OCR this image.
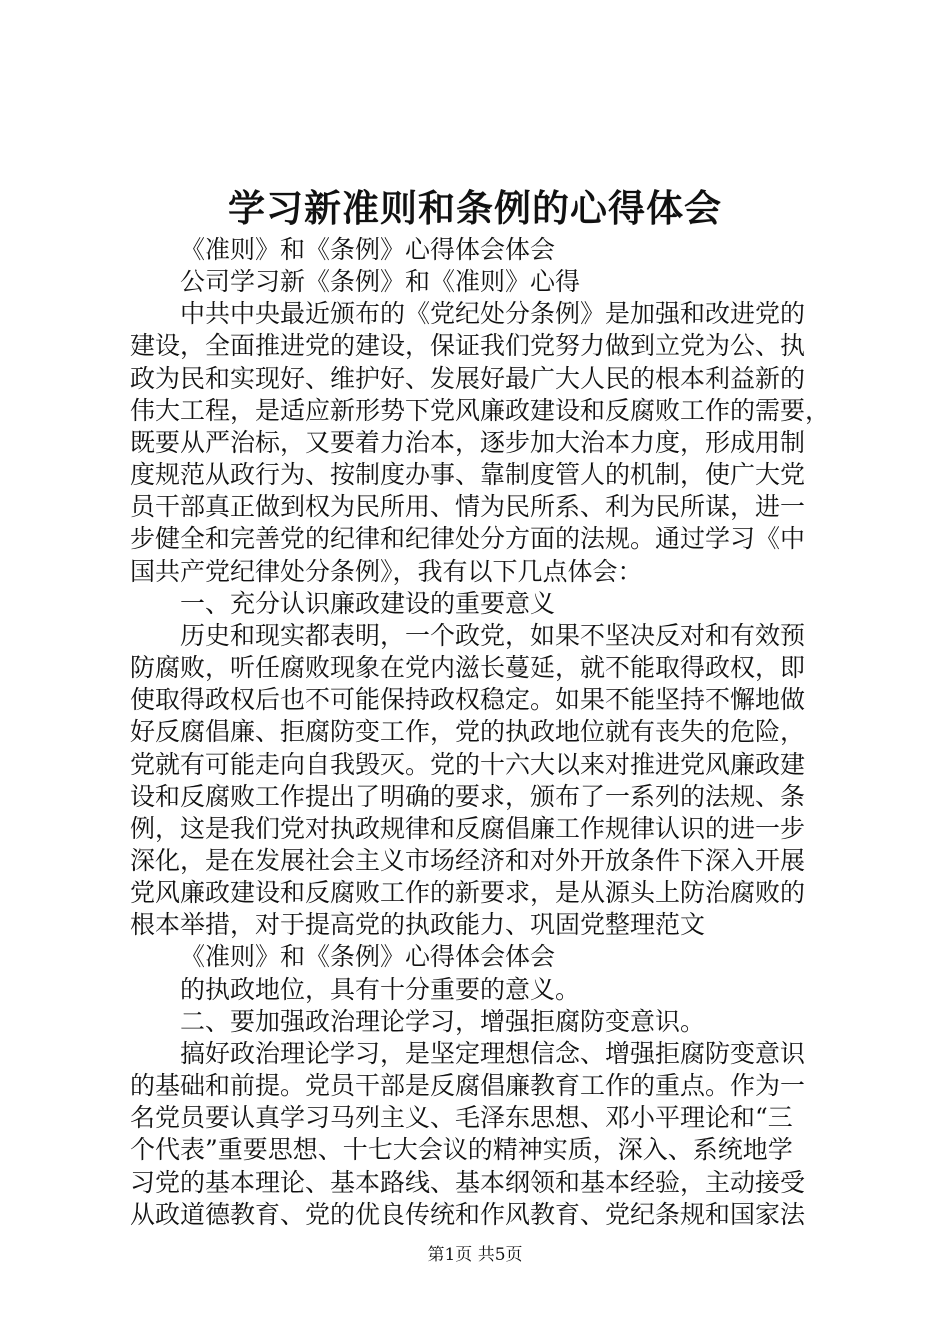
学习新准则和条例的心得体会
《准则》和《条例》心得体会体会
公司学习新《条例》和《准则》心得
中共中央最近颁布的《党纪处分条例》是加强和改进党的
建设，全面推进党的建设，保证我们党努力做到立党为公、执
政为民和实现好、维护好、发展好最广大人民的根本利益新的
伟大工程，是适应新形势下党风廉政建设和反腐败工作的需要，
既要从严治标，又要着力治本，逐步加大治本力度，形成用制
度规范从政行为、按制度办事、靠制度管人的机制，使广大党
员干部真正做到权为民所用、情为民所系、利为民所谋，进一
步健全和完善党的纪律和纪律处分方面的法规。通过学习《中
国共产党纪律处分条例》，我有以下几点体会：
一、充分认识廉政建设的重要意义
历史和现实都表明，一个政党，如果不坚决反对和有效预
防腐败，听任腐败现象在党内滋长蔓延，就不能取得政权，即
使取得政权后也不可能保持政权稳定。如果不能坚持不懈地做
好反腐倡廉、拒腐防变工作，党的执政地位就有丧失的危险，
党就有可能走向自我毁灭。党的十六大以来对推进党风廉政建
设和反腐败工作提出了明确的要求，颁布了一系列的法规、条
例，这是我们党对执政规律和反腐倡廉工作规律认识的进一步
深化，是在发展社会主义市场经济和对外开放条件下深入开展
党风廉政建设和反腐败工作的新要求，是从源头上防治腐败的
根本举措，对于提高党的执政能力、巩固党整理范文
《准则》和《条例》心得体会体会
的执政地位，具有十分重要的意义。
二、要加强政治理论学习，增强拒腐防变意识。
搞好政治理论学习，是坚定理想信念、增强拒腐防变意识
的基础和前提。党员干部是反腐倡廉教育工作的重点。作为一
名党员要认真学习马列主义、毛泽东思想、邓小平理论和“三
个代表”重要思想、十七大会议的精神实质，深入、系统地学
习党的基本理论、基本路线、基本纲领和基本经验，主动接受
从政道德教育、党的优良传统和作风教育、党纪条规和国家法
第1页 共5页
